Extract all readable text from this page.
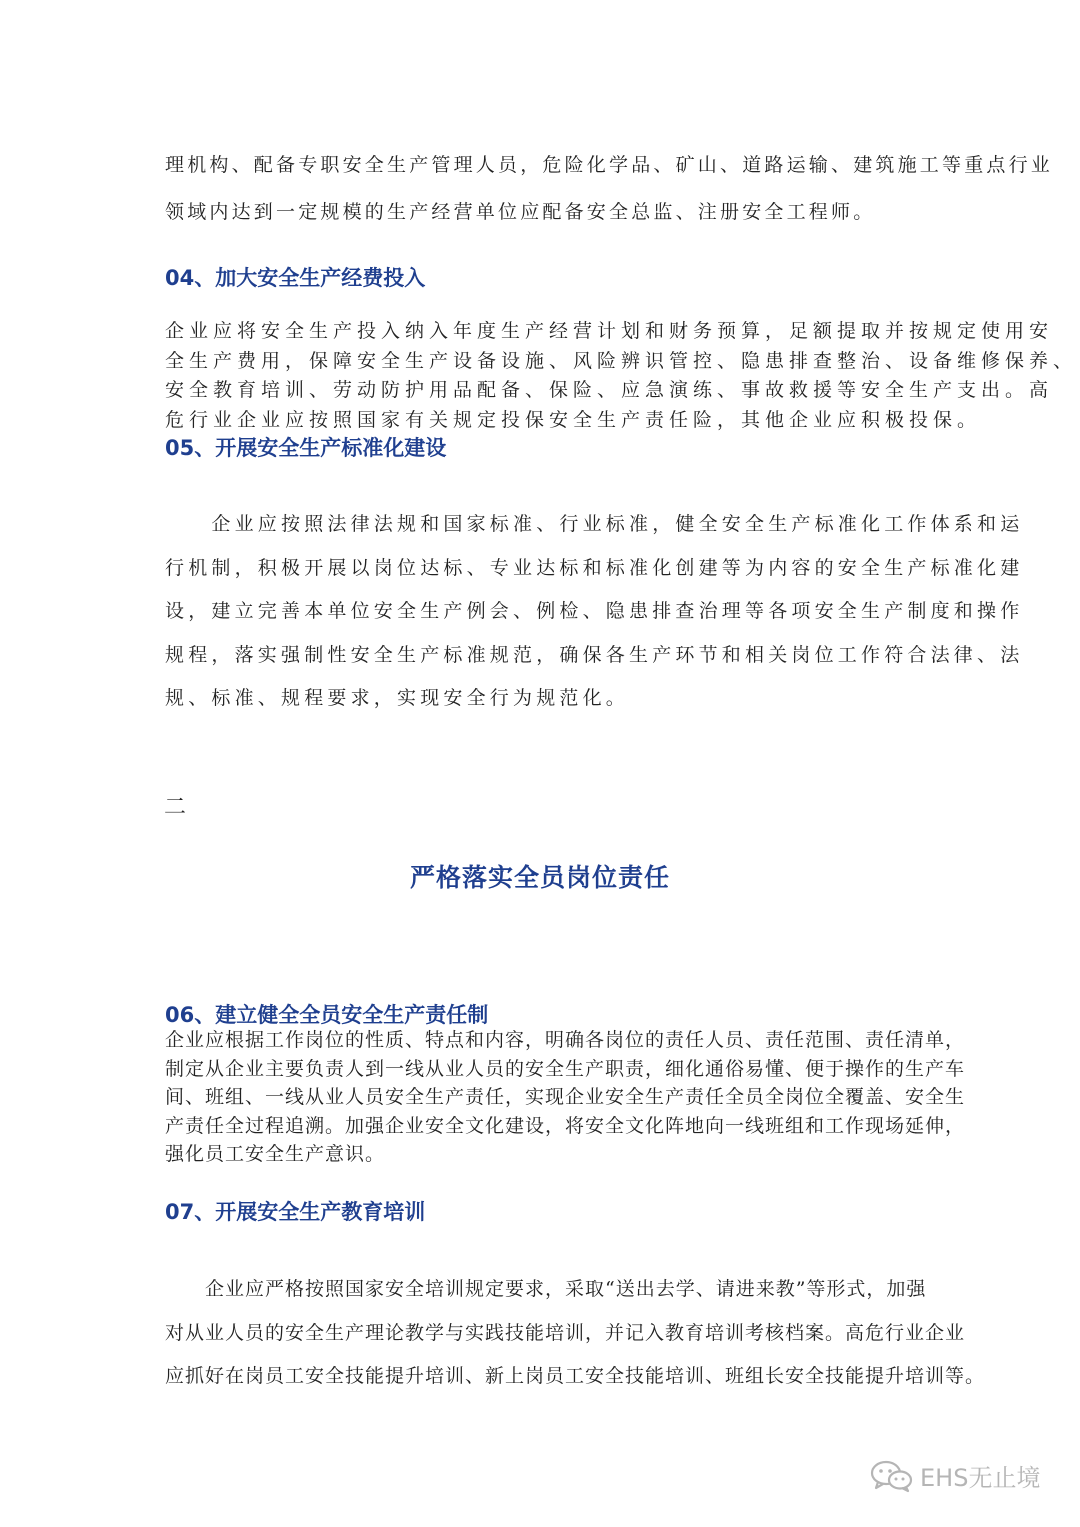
理机构、配备专职安全生产管理人员，危险化学品、矿山、道路运输、建筑施工等重点行业

领域内达到一定规模的生产经营单位应配备安全总监、注册安全工程师。

04、加大安全生产经费投入

企业应将安全生产投入纳入年度生产经营计划和财务预算，足额提取并按规定使用安

全生产费用，保障安全生产设备设施、风险辨识管控、隐患排查整治、设备维修保养、

安全教育培训、劳动防护用品配备、保险、应急演练、事故救援等安全生产支出。高

危行业企业应按照国家有关规定投保安全生产责任险，其他企业应积极投保。

05、开展安全生产标准化建设

　　企业应按照法律法规和国家标准、行业标准，健全安全生产标准化工作体系和运

行机制，积极开展以岗位达标、专业达标和标准化创建等为内容的安全生产标准化建

设，建立完善本单位安全生产例会、例检、隐患排查治理等各项安全生产制度和操作

规程，落实强制性安全生产标准规范，确保各生产环节和相关岗位工作符合法律、法

规、标准、规程要求，实现安全行为规范化。

二
严格落实全员岗位责任
06、建立健全全员安全生产责任制

企业应根据工作岗位的性质、特点和内容，明确各岗位的责任人员、责任范围、责任清单，

制定从企业主要负责人到一线从业人员的安全生产职责，细化通俗易懂、便于操作的生产车

间、班组、一线从业人员安全生产责任，实现企业安全生产责任全员全岗位全覆盖、安全生

产责任全过程追溯。加强企业安全文化建设，将安全文化阵地向一线班组和工作现场延伸，

强化员工安全生产意识。

07、开展安全生产教育培训

　　企业应严格按照国家安全培训规定要求，采取“送出去学、请进来教”等形式，加强

对从业人员的安全生产理论教学与实践技能培训，并记入教育培训考核档案。高危行业企业

应抓好在岗员工安全技能提升培训、新上岗员工安全技能培训、班组长安全技能提升培训等。

EHS无止境
